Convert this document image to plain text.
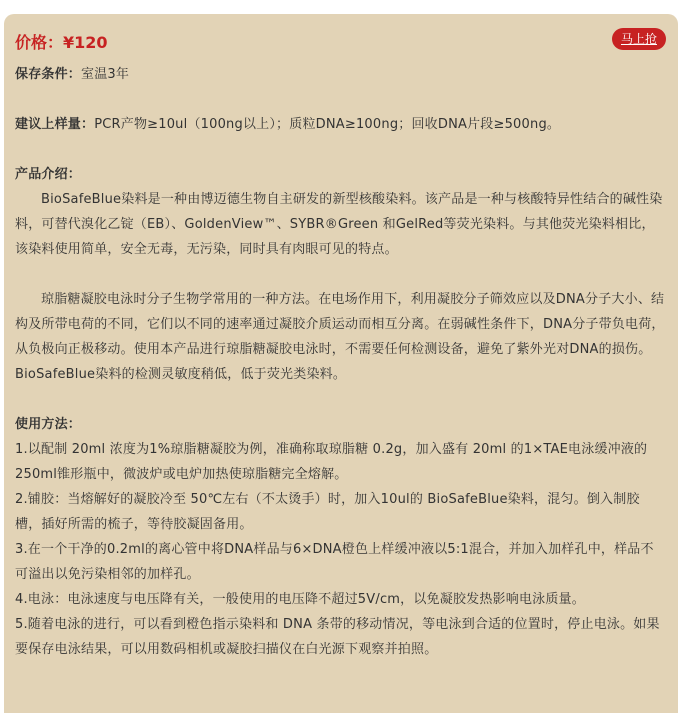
价格：¥120	马上抢

保存条件：室温3年

建议上样量：PCR产物≥10ul（100ng以上）；质粒DNA≥100ng；回收DNA片段≥500ng。

产品介绍：

BioSafeBlue染料是一种由博迈德生物自主研发的新型核酸染料。该产品是一种与核酸特异性结合的碱性染料，可替代溴化乙锭（EB）、GoldenView™、SYBR®Green 和GelRed等荧光染料。与其他荧光染料相比，该染料使用简单，安全无毒，无污染，同时具有肉眼可见的特点。

琼脂糖凝胶电泳时分子生物学常用的一种方法。在电场作用下，利用凝胶分子筛效应以及DNA分子大小、结构及所带电荷的不同，它们以不同的速率通过凝胶介质运动而相互分离。在弱碱性条件下，DNA分子带负电荷，从负极向正极移动。使用本产品进行琼脂糖凝胶电泳时，不需要任何检测设备，避免了紫外光对DNA的损伤。BioSafeBlue染料的检测灵敏度稍低，低于荧光类染料。

使用方法：

1.以配制 20ml 浓度为1%琼脂糖凝胶为例，准确称取琼脂糖 0.2g，加入盛有 20ml 的1×TAE电泳缓冲液的250ml锥形瓶中，微波炉或电炉加热使琼脂糖完全熔解。

2.铺胶：当熔解好的凝胶冷至 50℃左右（不太烫手）时，加入10ul的 BioSafeBlue染料，混匀。倒入制胶槽，插好所需的梳子，等待胶凝固备用。

3.在一个干净的0.2ml的离心管中将DNA样品与6×DNA橙色上样缓冲液以5:1混合，并加入加样孔中，样品不可溢出以免污染相邻的加样孔。

4.电泳：电泳速度与电压降有关，一般使用的电压降不超过5V/cm，以免凝胶发热影响电泳质量。

5.随着电泳的进行，可以看到橙色指示染料和 DNA 条带的移动情况，等电泳到合适的位置时，停止电泳。如果要保存电泳结果，可以用数码相机或凝胶扫描仪在白光源下观察并拍照。
